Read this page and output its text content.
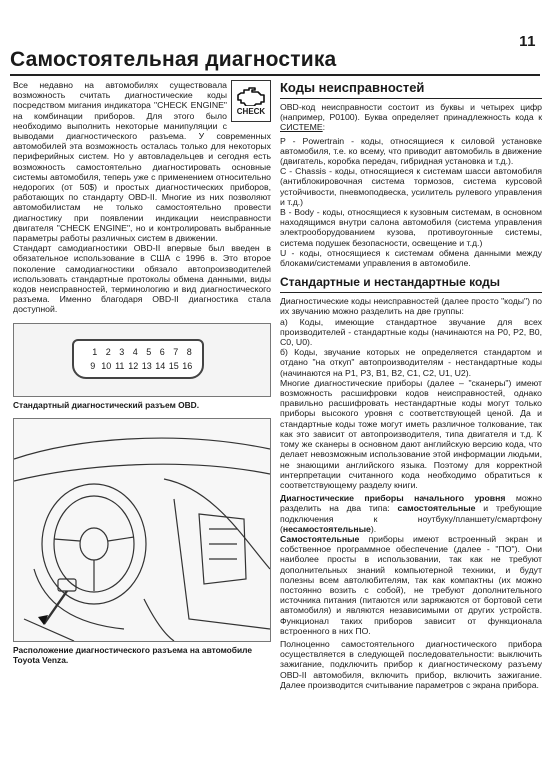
11
Самостоятельная диагностика
CHECK

Все недавно на автомобилях существовала возможность считать диагностические коды посредством мигания индикатора "CHECK ENGINE" на комбинации приборов. Для этого было необходимо выполнить некоторые манипуляции с выводами диагностического разъема. У современных автомобилей эта возможность осталась только для некоторых периферийных систем. Но у автовладельцев и сегодня есть возможность самостоятельно диагностировать основные системы автомобиля, теперь уже с применением относительно недорогих (от 50$) и простых диагностических приборов, работающих по стандарту OBD-II. Многие из них позволяют автомобилистам не только самостоятельно провести диагностику при появлении индикации неисправности двигателя "CHECK ENGINE", но и контролировать выбранные параметры работы различных систем в движении.

Стандарт самодиагностики OBD-II впервые был введен в обязательное использование в США с 1996 в. Это второе поколение самодиагностики обязало автопроизводителей использовать стандартные протоколы обмена данными, виды кодов неисправностей, терминологию и вид диагностического разъема. Именно благодаря OBD-II диагностика стала доступной.

1 2 3 4 5 6 7 8
9 10 11 12 13 14 15 16

Стандартный диагностический разъем OBD.

Расположение диагностического разъема на автомобиле Toyota Venza.

Коды неисправностей

OBD-код неисправности состоит из буквы и четырех цифр (например, P0100). Буква определяет принадлежность кода к СИСТЕМЕ:

P - Powertrain - коды, относящиеся к силовой установке автомобиля, т.е. ко всему, что приводит автомобиль в движение (двигатель, коробка передач, гибридная установка и т.д.).

C - Chassis - коды, относящиеся к системам шасси автомобиля (антиблокировочная система тормозов, система курсовой устойчивости, пневмоподвеска, усилитель рулевого управления и т.д.)

B - Body - коды, относящиеся к кузовным системам, в основном находящимся внутри салона автомобиля (система управления электрооборудованием кузова, противоугонные системы, система подушек безопасности, освещение и т.д.)

U - коды, относящиеся к системам обмена данными между блоками/системами управления в автомобиле.

Стандартные и нестандартные коды

Диагностические коды неисправностей (далее просто "коды") по их звучанию можно разделить на две группы:

а) Коды, имеющие стандартное звучание для всех производителей - стандартные коды (начинаются на P0, P2, B0, C0, U0).

б) Коды, звучание которых не определяется стандартом и отдано "на откуп" автопроизводителям - нестандартные коды (начинаются на P1, P3, B1, B2, C1, C2, U1, U2).

Многие диагностические приборы (далее – "сканеры") имеют возможность расшифровки кодов неисправностей, однако правильно расшифровать нестандартные коды могут только приборы высокого уровня с соответствующей ценой. Да и стандартные коды тоже могут иметь различное толкование, так как это зависит от автопроизводителя, типа двигателя и т.д. К тому же сканеры в основном дают английскую версию кода, что делает невозможным использование этой информации людьми, не знающими английского языка. Поэтому для корректной интерпретации считанного кода необходимо обратиться к соответствующему разделу книги.

Диагностические приборы начального уровня можно разделить на два типа: самостоятельные и требующие подключения к ноутбуку/планшету/смартфону (несамостоятельные).

Самостоятельные приборы имеют встроенный экран и собственное программное обеспечение (далее - "ПО"). Они наиболее просты в использовании, так как не требуют дополнительных знаний компьютерной техники, и будут полезны всем автолюбителям, так как компактны (их можно постоянно возить с собой), не требуют дополнительного источника питания (питаются или заряжаются от бортовой сети автомобиля) и являются независимыми от других устройств. Функционал таких приборов зависит от функционала встроенного в них ПО.

Полноценно самостоятельного диагностического прибора осуществляется в следующей последовательности: выключить зажигание, подключить прибор к диагностическому разъему OBD-II автомобиля, включить прибор, включить зажигание. Далее производится считывание параметров с экрана прибора.
